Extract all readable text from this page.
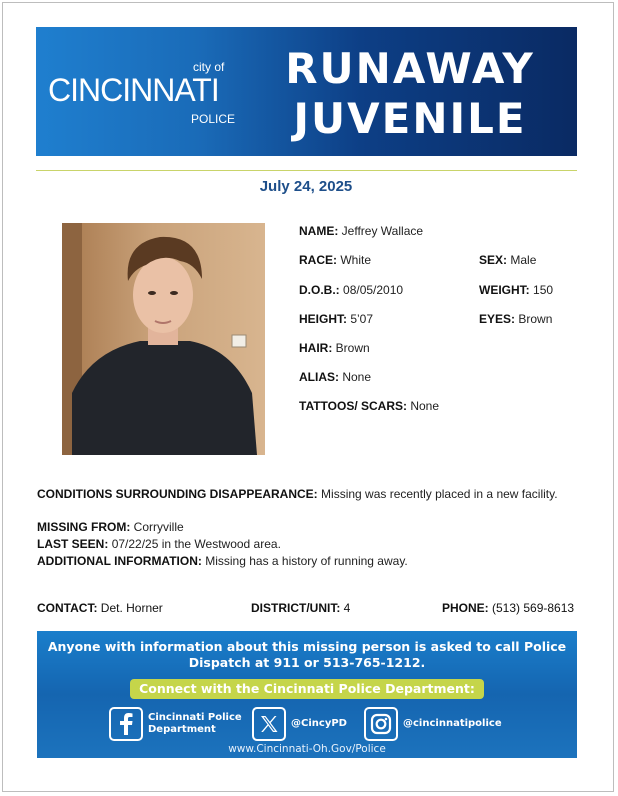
city of
CINCINNATI
POLICE
RUNAWAY
JUVENILE
July 24, 2025
NAME: Jeffrey Wallace
RACE: White	SEX: Male
D.O.B.: 08/05/2010	WEIGHT: 150
HEIGHT: 5’07	EYES: Brown
HAIR: Brown
ALIAS: None
TATTOOS/ SCARS: None
CONDITIONS SURROUNDING DISAPPEARANCE: Missing was recently placed in a new facility.
MISSING FROM: Corryville
LAST SEEN: 07/22/25 in the Westwood area.
ADDITIONAL INFORMATION: Missing has a history of running away.
CONTACT: Det. Horner	DISTRICT/UNIT: 4	PHONE: (513) 569-8613
Anyone with information about this missing person is asked to call Police Dispatch at 911 or 513-765-1212.
Connect with the Cincinnati Police Department:
Cincinnati Police
Department
@CincyPD	@cincinnatipolice
www.Cincinnati-Oh.Gov/Police
